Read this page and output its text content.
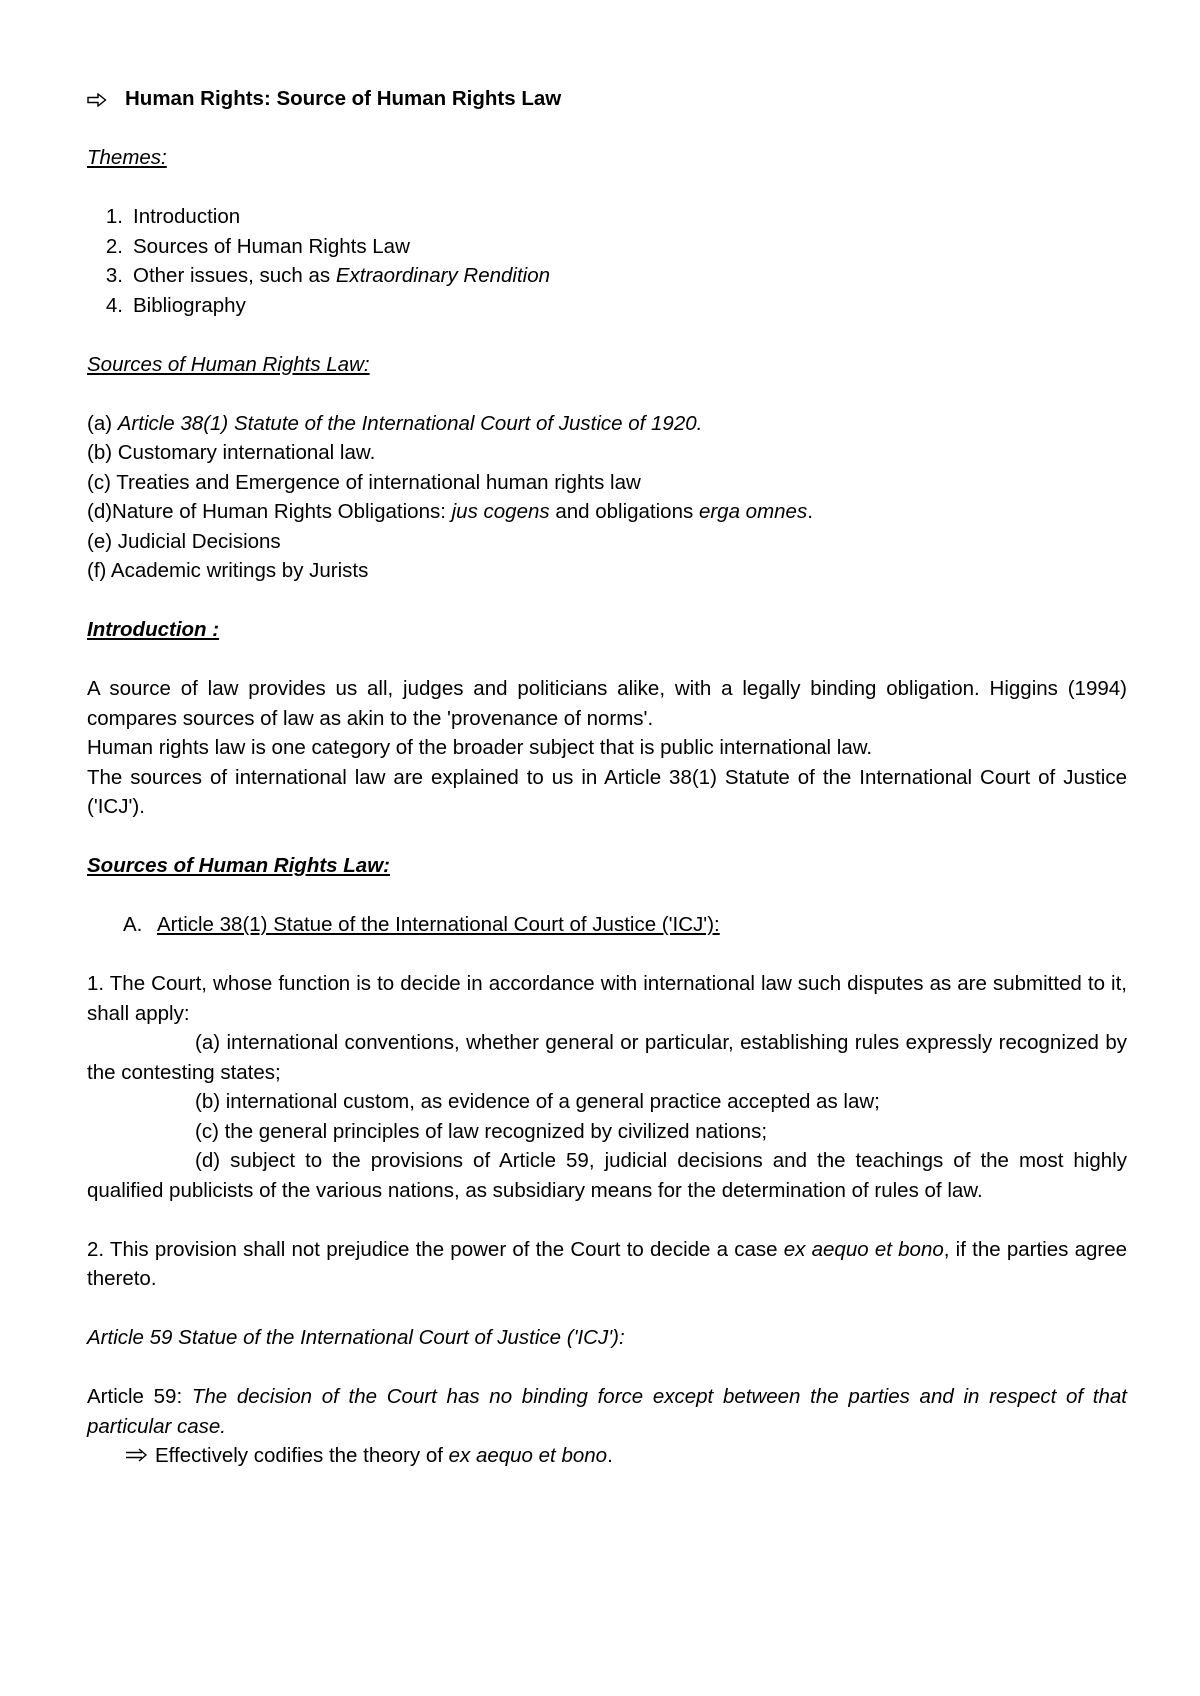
Human Rights: Source of Human Rights Law
Themes:
1. Introduction
2. Sources of Human Rights Law
3. Other issues, such as Extraordinary Rendition
4. Bibliography
Sources of Human Rights Law:
(a) Article 38(1) Statute of the International Court of Justice of 1920.
(b) Customary international law.
(c) Treaties and Emergence of international human rights law
(d)Nature of Human Rights Obligations: jus cogens and obligations erga omnes.
(e) Judicial Decisions
(f) Academic writings by Jurists
Introduction :
A source of law provides us all, judges and politicians alike, with a legally binding obligation. Higgins (1994) compares sources of law as akin to the 'provenance of norms'.
Human rights law is one category of the broader subject that is public international law.
The sources of international law are explained to us in Article 38(1) Statute of the International Court of Justice ('ICJ').
Sources of Human Rights Law:
A. Article 38(1) Statue of the International Court of Justice ('ICJ'):
1. The Court, whose function is to decide in accordance with international law such disputes as are submitted to it, shall apply:
(a) international conventions, whether general or particular, establishing rules expressly recognized by the contesting states;
(b) international custom, as evidence of a general practice accepted as law;
(c) the general principles of law recognized by civilized nations;
(d) subject to the provisions of Article 59, judicial decisions and the teachings of the most highly qualified publicists of the various nations, as subsidiary means for the determination of rules of law.
2. This provision shall not prejudice the power of the Court to decide a case ex aequo et bono, if the parties agree thereto.
Article 59 Statue of the International Court of Justice ('ICJ'):
Article 59: The decision of the Court has no binding force except between the parties and in respect of that particular case.
Effectively codifies the theory of ex aequo et bono.
